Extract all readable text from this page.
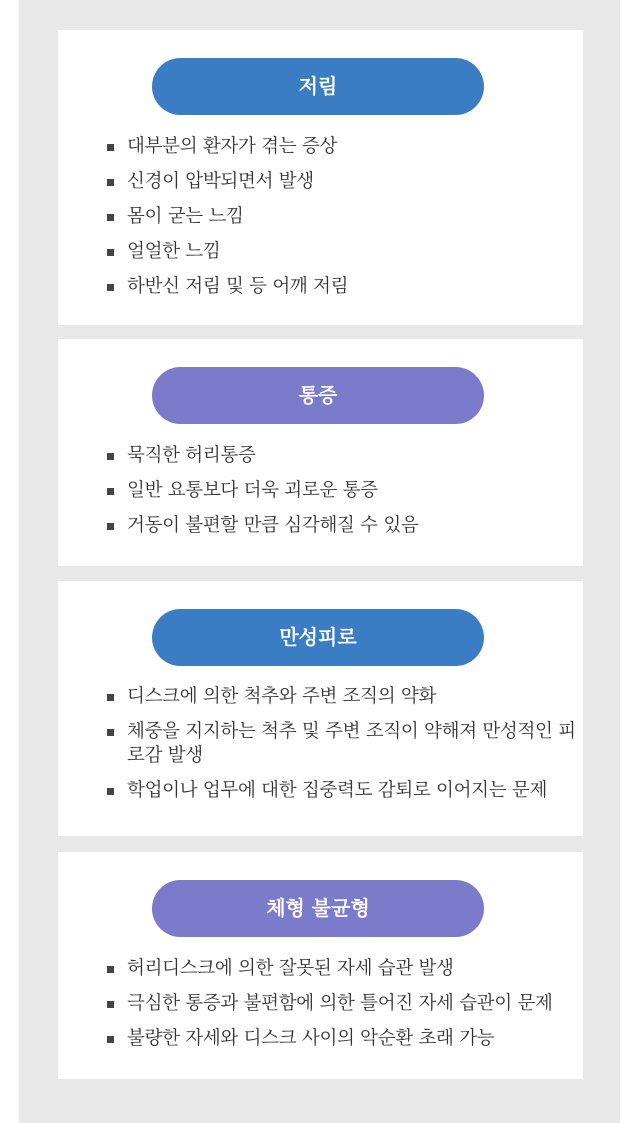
저림
대부분의 환자가 겪는 증상
신경이 압박되면서 발생
몸이 굳는 느낌
얼얼한 느낌
하반신 저림 및 등 어깨 저림
통증
묵직한 허리통증
일반 요통보다 더욱 괴로운 통증
거동이 불편할 만큼 심각해질 수 있음
만성피로
디스크에 의한 척추와 주변 조직의 약화
체중을 지지하는 척추 및 주변 조직이 약해져 만성적인 피로감 발생
학업이나 업무에 대한 집중력도 감퇴로 이어지는 문제
체형 불균형
허리디스크에 의한 잘못된 자세 습관 발생
극심한 통증과 불편함에 의한 틀어진 자세 습관이 문제
불량한 자세와 디스크 사이의 악순환 초래 가능
